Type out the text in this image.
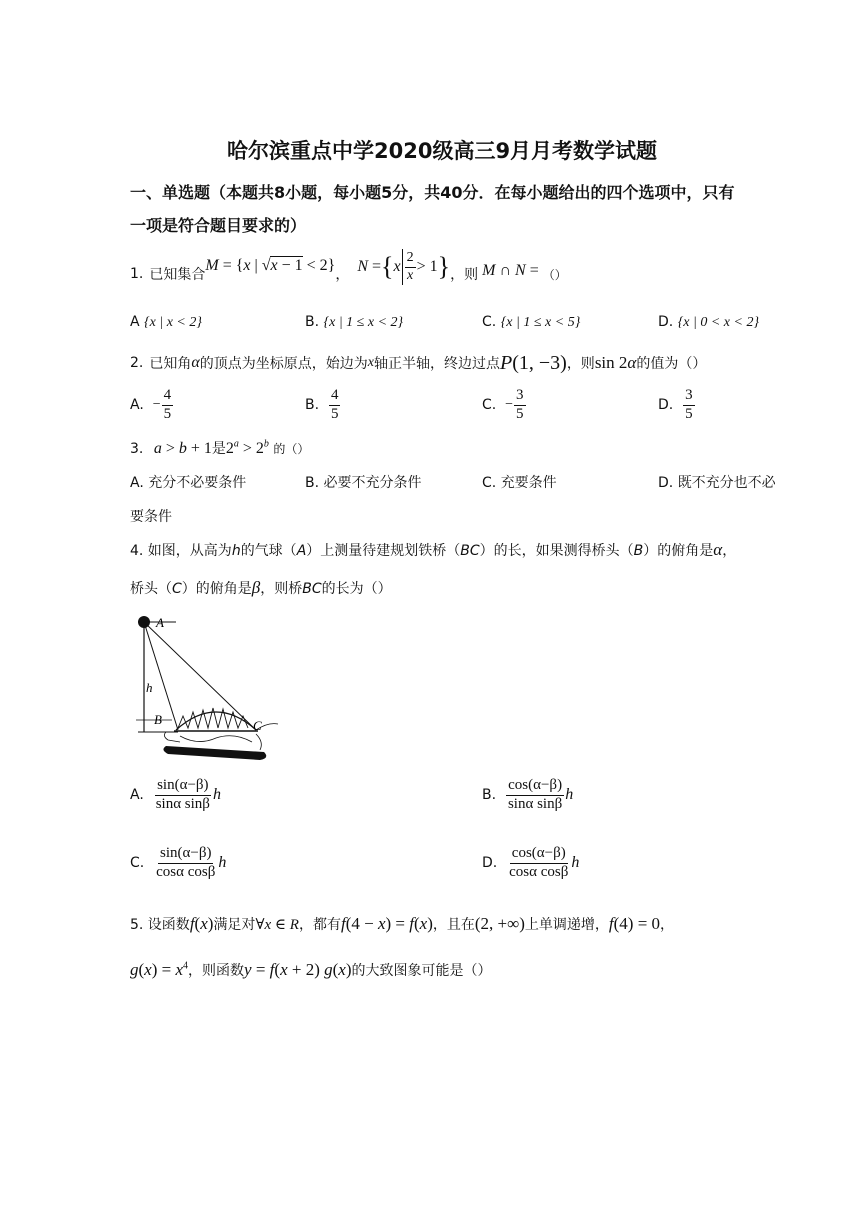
哈尔滨重点中学2020级高三9月月考数学试题
一、单选题（本题共8小题，每小题5分，共40分．在每小题给出的四个选项中，只有
一项是符合题目要求的）
1. 已知集合
M = {x | √x − 1 < 2}
， N = { x $\frac{2}{x} > 1$ } ，则 M ∩ N = （）
A {x | x < 2}	B. {x | 1 ≤ x < 2}	C. {x | 1 ≤ x < 5}	D. {x | 0 < x < 2}
2. 已知角 α 的顶点为坐标原点，始边为 x 轴正半轴，终边过点 P(1, −3) ，则 sin 2α 的值为（）
A.
− $\frac{4}{5}$	B.
$\frac{4}{5}$	C.
− $\frac{3}{5}$	D.
$\frac{3}{5}$
3. a > b + 1是$2^a > 2^b$ 的（）
A. 充分不必要条件	B. 必要不充分条件	C. 充要条件	D. 既不充分也不必
要条件
4. 如图，从高为h的气球（A）上测量待建规划铁桥（BC）的长，如果测得桥头（B）的俯角是α，
桥头（C）的俯角是β，则桥BC的长为（）
A
h
B	C
A.
$\frac{\sin(\alpha-\beta)}{\text{sinα sinβ}}$ h	B.
$\frac{\cos(\alpha-\beta)}{\text{sinα sinβ}}$ h
C.
$\frac{\sin(\alpha-\beta)}{\text{cosα cosβ}}$ h	D.
$\frac{\cos(\alpha-\beta)}{\text{cosα cosβ}}$ h
5. 设函数f(x)满足对∀x ∈ R，都有f(4 − x) = f(x)，且在(2, +∞)上单调递增，f(4) = 0，
$g(x) = x^4$，则函数y = f(x + 2) g(x)的大致图象可能是（）
